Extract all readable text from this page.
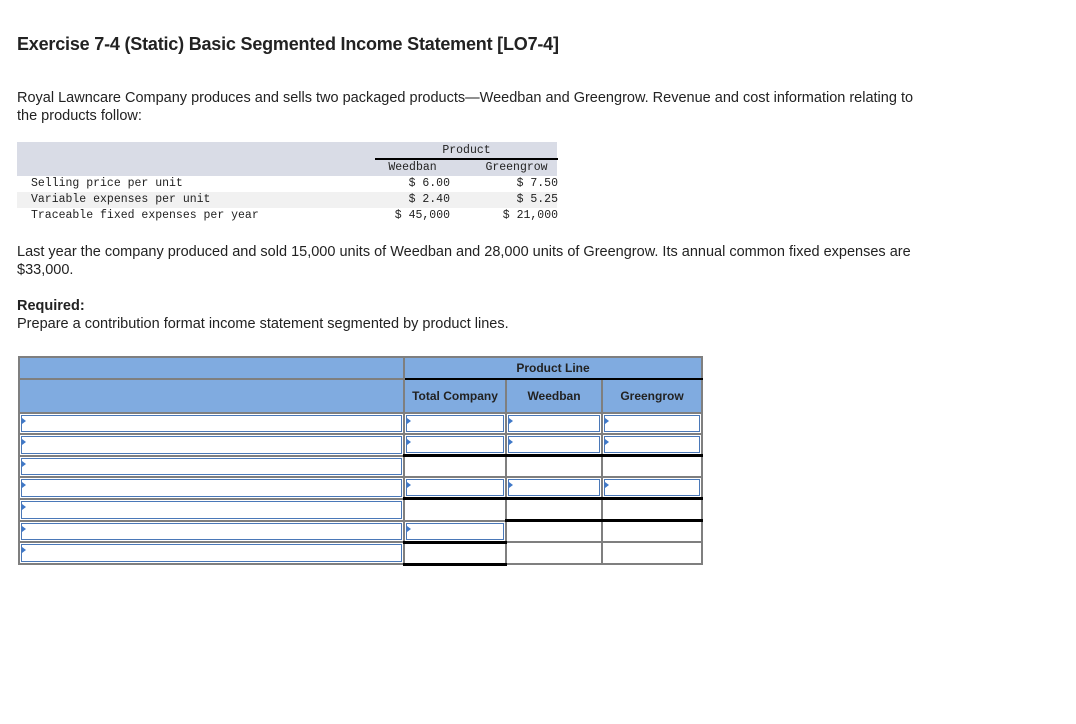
Exercise 7-4 (Static) Basic Segmented Income Statement [LO7-4]

Royal Lawncare Company produces and sells two packaged products—Weedban and Greengrow. Revenue and cost information relating to the products follow:

Product
Weedban	Greengrow
Selling price per unit	$ 6.00	$ 7.50
Variable expenses per unit	$ 2.40	$ 5.25
Traceable fixed expenses per year	$ 45,000	$ 21,000

Last year the company produced and sold 15,000 units of Weedban and 28,000 units of Greengrow. Its annual common fixed expenses are $33,000.

Required:

Prepare a contribution format income statement segmented by product lines.

	Product Line		
	Total Company	Weedban	Greengrow
